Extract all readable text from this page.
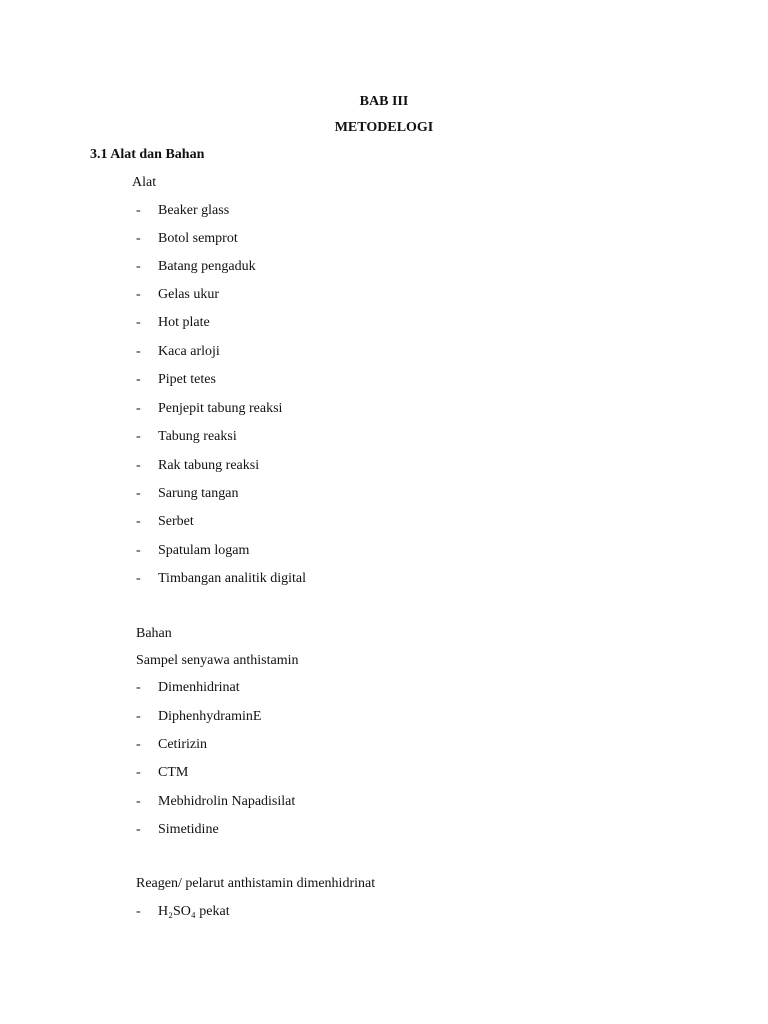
BAB III
METODELOGI
3.1 Alat dan Bahan
Alat
- Beaker glass
- Botol semprot
- Batang pengaduk
- Gelas ukur
- Hot plate
- Kaca arloji
- Pipet tetes
- Penjepit tabung reaksi
- Tabung reaksi
- Rak tabung reaksi
- Sarung tangan
- Serbet
- Spatulam logam
- Timbangan analitik digital
Bahan
Sampel senyawa anthistamin
- Dimenhidrinat
- DiphenhydraminE
- Cetirizin
- CTM
- Mebhidrolin Napadisilat
- Simetidine
Reagen/ pelarut anthistamin dimenhidrinat
- H₂SO₄ pekat
